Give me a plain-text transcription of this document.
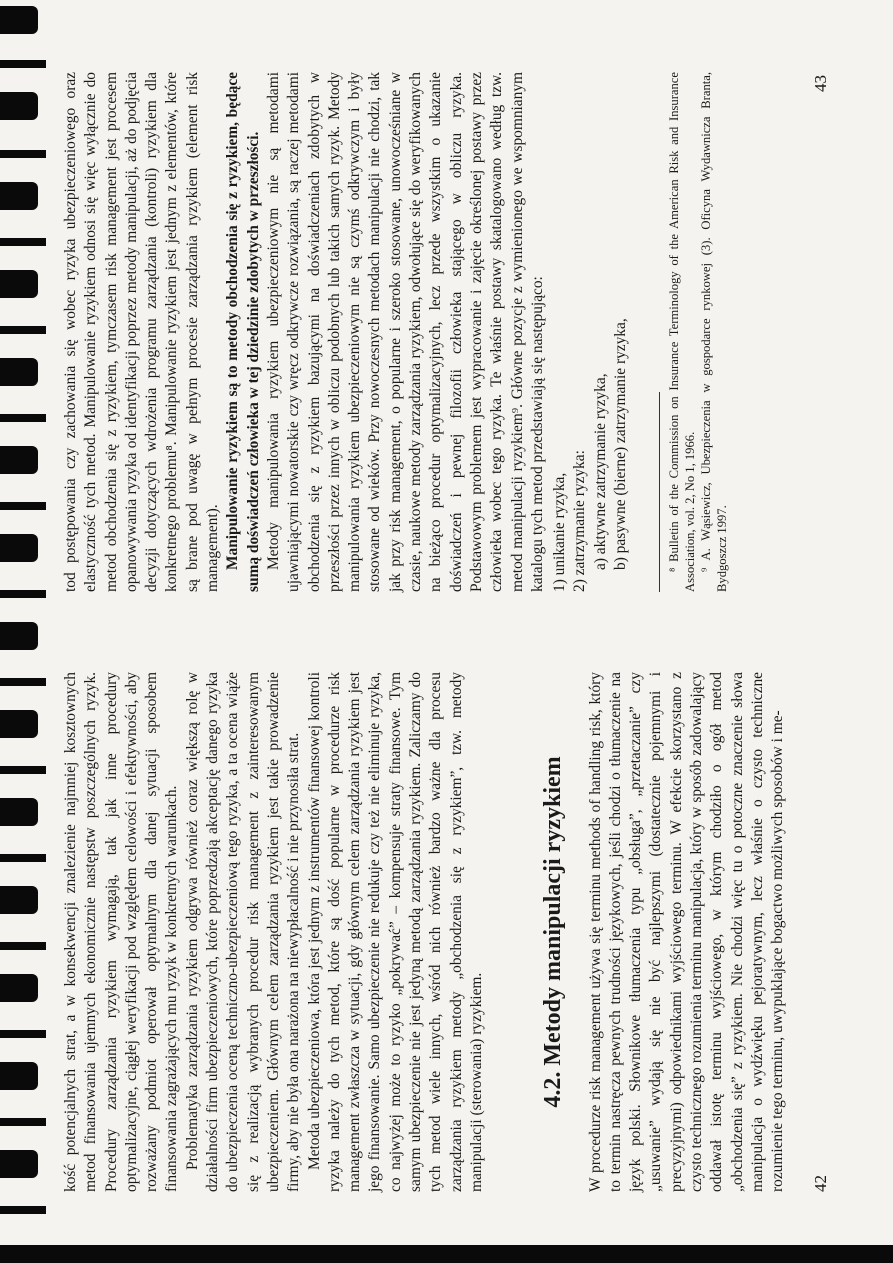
kość potencjalnych strat, a w konsekwencji znalezienie najmniej kosztownych metod finansowania ujemnych ekonomicznie następstw poszczególnych ryzyk. Procedury zarządzania ryzykiem wymagają, tak jak inne procedury optymalizacyjne, ciągłej weryfikacji pod względem celowości i efektywności, aby rozważany podmiot operował optymalnym dla danej sytuacji sposobem finansowania zagrażających mu ryzyk w konkretnych warunkach. Problematyka zarządzania ryzykiem odgrywa również coraz większą rolę w działalności firm ubezpieczeniowych, które poprzedzają akceptację danego ryzyka do ubezpieczenia oceną techniczno-ubezpieczeniową tego ryzyka, a ta ocena wiąże się z realizacją wybranych procedur risk management z zainteresowanym ubezpieczeniem. Głównym celem zarządzania ryzykiem jest takie prowadzenie firmy, aby nie była ona narażona na niewypłacalność i nie przynosiła strat. Metoda ubezpieczeniowa, która jest jednym z instrumentów finansowej kontroli ryzyka należy do tych metod, które są dość popularne w procedurze risk management zwłaszcza w sytuacji, gdy głównym celem zarządzania ryzykiem jest jego finansowanie. Samo ubezpieczenie nie redukuje czy też nie eliminuje ryzyka, co najwyżej może to ryzyko „pokrywać” – kompensuje straty finansowe. Tym samym ubezpieczenie nie jest jedyną metodą zarządzania ryzykiem. Zaliczamy do tych metod wiele innych, wśród nich również bardzo ważne dla procesu zarządzania ryzykiem metody „obchodzenia się z ryzykiem”, tzw. metody manipulacji (sterowania) ryzykiem. 4.2. Metody manipulacji ryzykiem W procedurze risk management używa się terminu methods of handling risk, który to termin nastręcza pewnych trudności językowych, jeśli chodzi o tłumaczenie na język polski. Słownikowe tłumaczenia typu „obsługa”, „przetaczanie” czy „usuwanie” wydają się nie być najlepszymi (dostatecznie pojemnymi i precyzyjnymi) odpowiednikami wyjściowego terminu. W efekcie skorzystano z czysto technicznego rozumienia terminu manipulacja, który w sposób zadowalający oddawał istotę terminu wyjściowego, w którym chodziło o ogół metod „obchodzenia się” z ryzykiem. Nie chodzi więc tu o potoczne znaczenie słowa manipulacja o wydźwięku pejoratywnym, lecz właśnie o czysto techniczne rozumienie tego terminu, uwypuklające bogactwo możliwych sposobów i me- 42

tod postępowania czy zachowania się wobec ryzyka ubezpieczeniowego oraz elastyczność tych metod. Manipulowanie ryzykiem odnosi się więc wyłącznie do metod obchodzenia się z ryzykiem, tymczasem risk management jest procesem opanowywania ryzyka od identyfikacji poprzez metody manipulacji, aż do podjęcia decyzji dotyczących wdrożenia programu zarządzania (kontroli) ryzykiem dla konkretnego problemu⁸. Manipulowanie ryzykiem jest jednym z elementów, które są brane pod uwagę w pełnym procesie zarządzania ryzykiem (element risk management). Manipulowanie ryzykiem są to metody obchodzenia się z ryzykiem, będące sumą doświadczeń człowieka w tej dziedzinie zdobytych w przeszłości. Metody manipulowania ryzykiem ubezpieczeniowym nie są metodami ujawniającymi nowatorskie czy wręcz odkrywcze rozwiązania, są raczej metodami obchodzenia się z ryzykiem bazującymi na doświadczeniach zdobytych w przeszłości przez innych w obliczu podobnych lub takich samych ryzyk. Metody manipulowania ryzykiem ubezpieczeniowym nie są czymś odkrywczym i były stosowane od wieków. Przy nowoczesnych metodach manipulacji nie chodzi, tak jak przy risk management, o popularne i szeroko stosowane, unowocześniane w czasie, naukowe metody zarządzania ryzykiem, odwołujące się do weryfikowanych na bieżąco procedur optymalizacyjnych, lecz przede wszystkim o ukazanie doświadczeń i pewnej filozofii człowieka stającego w obliczu ryzyka. Podstawowym problemem jest wypracowanie i zajęcie określonej postawy przez człowieka wobec tego ryzyka. Te właśnie postawy skatalogowano według tzw. metod manipulacji ryzykiem⁹. Główne pozycje z wymienionego we wspomnianym katalogu tych metod przedstawiają się następująco: 1) unikanie ryzyka, 2) zatrzymanie ryzyka: a) aktywne zatrzymanie ryzyka, b) pasywne (bierne) zatrzymanie ryzyka,	⁸ Bulletin of the Commission on Insurance Terminology of the American Risk and Insurance Association, vol. 2, No 1, 1966. ⁹ A. Wąsiewicz, Ubezpieczenia w gospodarce rynkowej (3). Oficyna Wydawnicza Branta, Bydgoszcz 1997.

43
